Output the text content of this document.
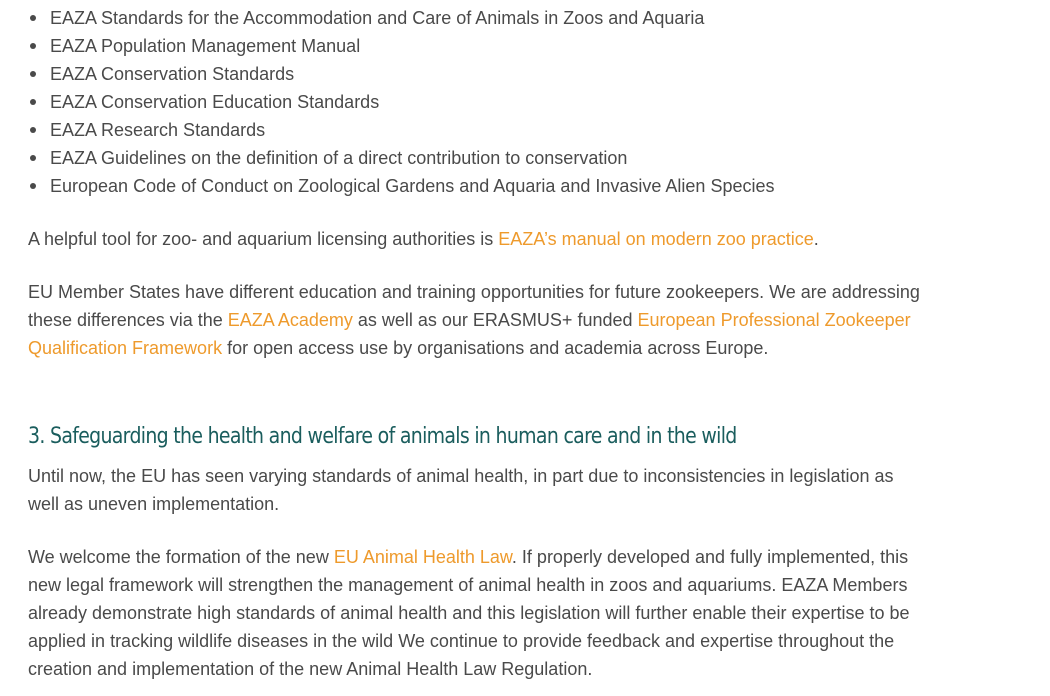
EAZA Standards for the Accommodation and Care of Animals in Zoos and Aquaria
EAZA Population Management Manual
EAZA Conservation Standards
EAZA Conservation Education Standards
EAZA Research Standards
EAZA Guidelines on the definition of a direct contribution to conservation
European Code of Conduct on Zoological Gardens and Aquaria and Invasive Alien Species

A helpful tool for zoo- and aquarium licensing authorities is EAZA’s manual on modern zoo practice.

EU Member States have different education and training opportunities for future zookeepers. We are addressing these differences via the EAZA Academy as well as our ERASMUS+ funded European Professional Zookeeper Qualification Framework for open access use by organisations and academia across Europe.

3. Safeguarding the health and welfare of animals in human care and in the wild

Until now, the EU has seen varying standards of animal health, in part due to inconsistencies in legislation as well as uneven implementation.

We welcome the formation of the new EU Animal Health Law. If properly developed and fully implemented, this new legal framework will strengthen the management of animal health in zoos and aquariums. EAZA Members already demonstrate high standards of animal health and this legislation will further enable their expertise to be applied in tracking wildlife diseases in the wild We continue to provide feedback and expertise throughout the creation and implementation of the new Animal Health Law Regulation.
